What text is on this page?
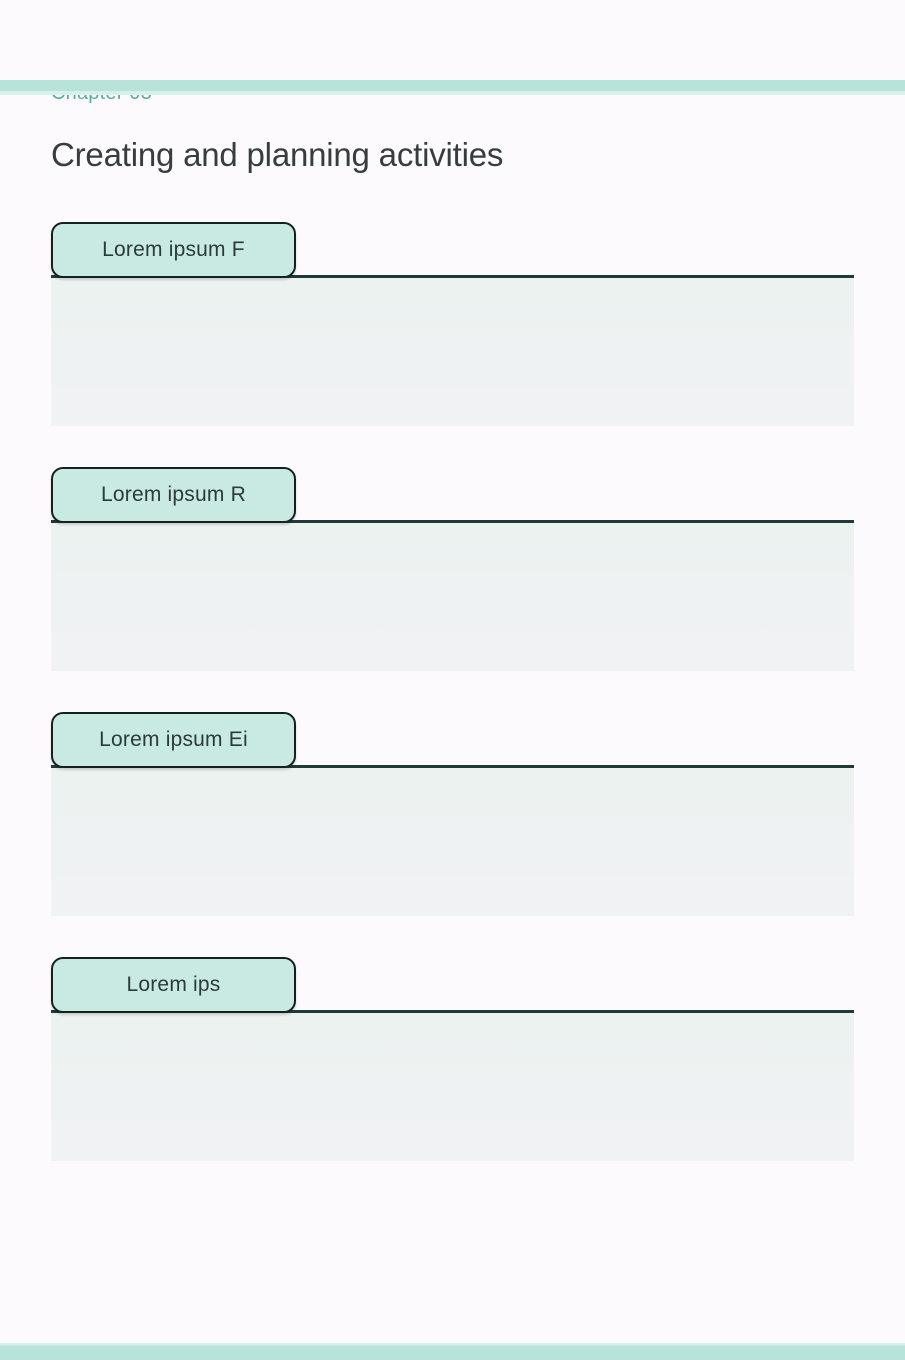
Creating and planning activities
Lorem ipsum F
Lorem ipsum R
Lorem ipsum Ei
Lorem ips
